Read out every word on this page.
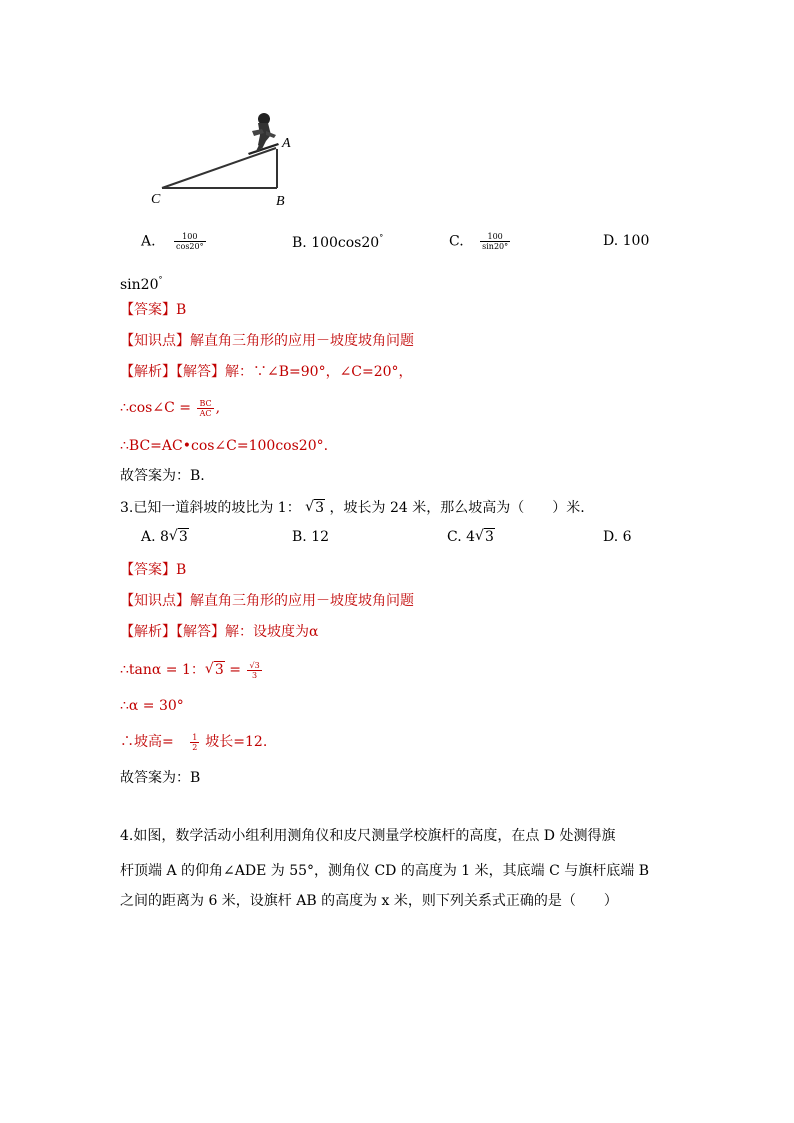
A
B
C
A. $\frac{100}{\cos 20^\circ}$	B. 100cos20°	C. $\frac{100}{\sin 20^\circ}$	D. 100
sin20°
【答案】B
【知识点】解直角三角形的应用－坡度坡角问题
【解析】【解答】解：∵∠B=90°，∠C=20°，
∴cos∠C = $\frac{BC}{AC}$ ,
∴BC=AC•cos∠C=100cos20°.
故答案为：B.
3.已知一道斜坡的坡比为 1： √ 3 ，坡长为 24 米，那么坡高为（　　）米.
A. 8 √ 3	B. 12	C. 4 √ 3	D. 6
【答案】B
【知识点】解直角三角形的应用－坡度坡角问题
【解析】【解答】解：设坡度为α
∴tanα = 1： √ $3 = \frac{√3}{3}$
∴α = 30°
∴坡高= $\frac{1}{2}$ 坡长=12.
故答案为：B
4.如图，数学活动小组利用测角仪和皮尺测量学校旗杆的高度，在点 D 处测得旗
杆顶端 A 的仰角∠ADE 为 55°，测角仪 CD 的高度为 1 米，其底端 C 与旗杆底端 B
之间的距离为 6 米，设旗杆 AB 的高度为 x 米，则下列关系式正确的是（　　）
